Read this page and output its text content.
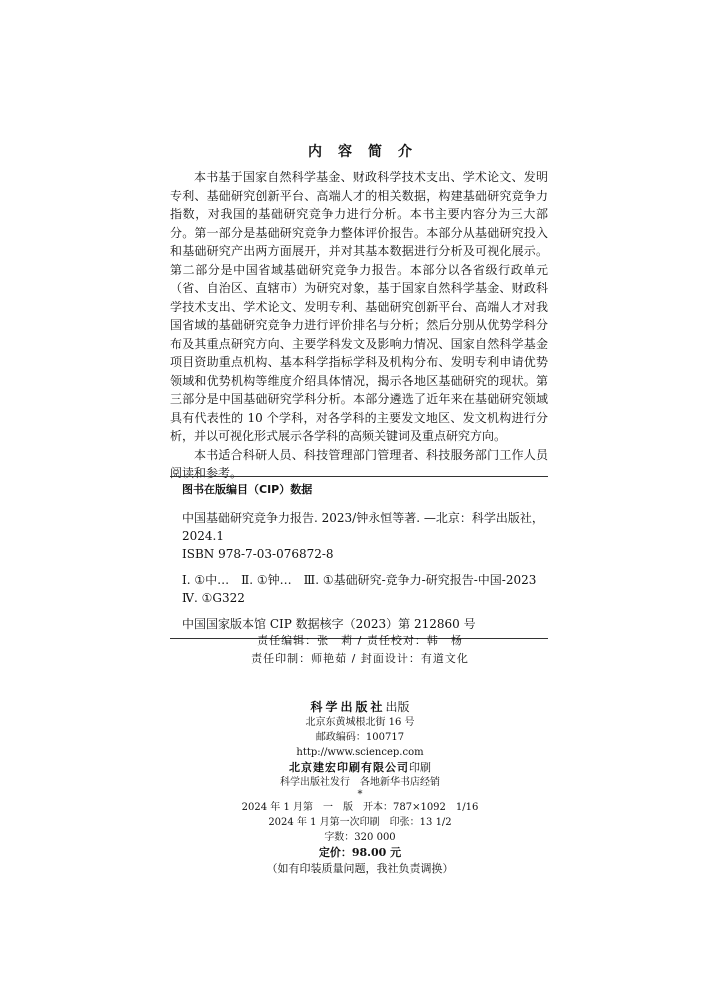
内容简介

本书基于国家自然科学基金、财政科学技术支出、学术论文、发明专利、基础研究创新平台、高端人才的相关数据，构建基础研究竞争力指数，对我国的基础研究竞争力进行分析。本书主要内容分为三大部分。第一部分是基础研究竞争力整体评价报告。本部分从基础研究投入和基础研究产出两方面展开，并对其基本数据进行分析及可视化展示。第二部分是中国省域基础研究竞争力报告。本部分以各省级行政单元（省、自治区、直辖市）为研究对象，基于国家自然科学基金、财政科学技术支出、学术论文、发明专利、基础研究创新平台、高端人才对我国省域的基础研究竞争力进行评价排名与分析；然后分别从优势学科分布及其重点研究方向、主要学科发文及影响力情况、国家自然科学基金项目资助重点机构、基本科学指标学科及机构分布、发明专利申请优势领域和优势机构等维度介绍具体情况，揭示各地区基础研究的现状。第三部分是中国基础研究学科分析。本部分遴选了近年来在基础研究领域具有代表性的 10 个学科，对各学科的主要发文地区、发文机构进行分析，并以可视化形式展示各学科的高频关键词及重点研究方向。

本书适合科研人员、科技管理部门管理者、科技服务部门工作人员阅读和参考。

图书在版编目（CIP）数据
中国基础研究竞争力报告. 2023/钟永恒等著. —北京：科学出版社，2024.1
ISBN 978-7-03-076872-8
Ⅰ. ①中…　Ⅱ. ①钟…　Ⅲ. ①基础研究-竞争力-研究报告-中国-2023　Ⅳ. ①G322
中国国家版本馆 CIP 数据核字（2023）第 212860 号
责任编辑：张　莉 / 责任校对：韩　杨
责任印制：师艳茹 / 封面设计：有道文化
科学出版社出版
北京东黄城根北街 16 号
邮政编码：100717
http://www.sciencep.com
北京建宏印刷有限公司印刷
科学出版社发行　各地新华书店经销
*
2024 年 1 月第　一　版　开本：787×1092　1/16
2024 年 1 月第一次印刷　印张：13 1/2
字数：320 000
定价：98.00 元
（如有印装质量问题，我社负责调换）
